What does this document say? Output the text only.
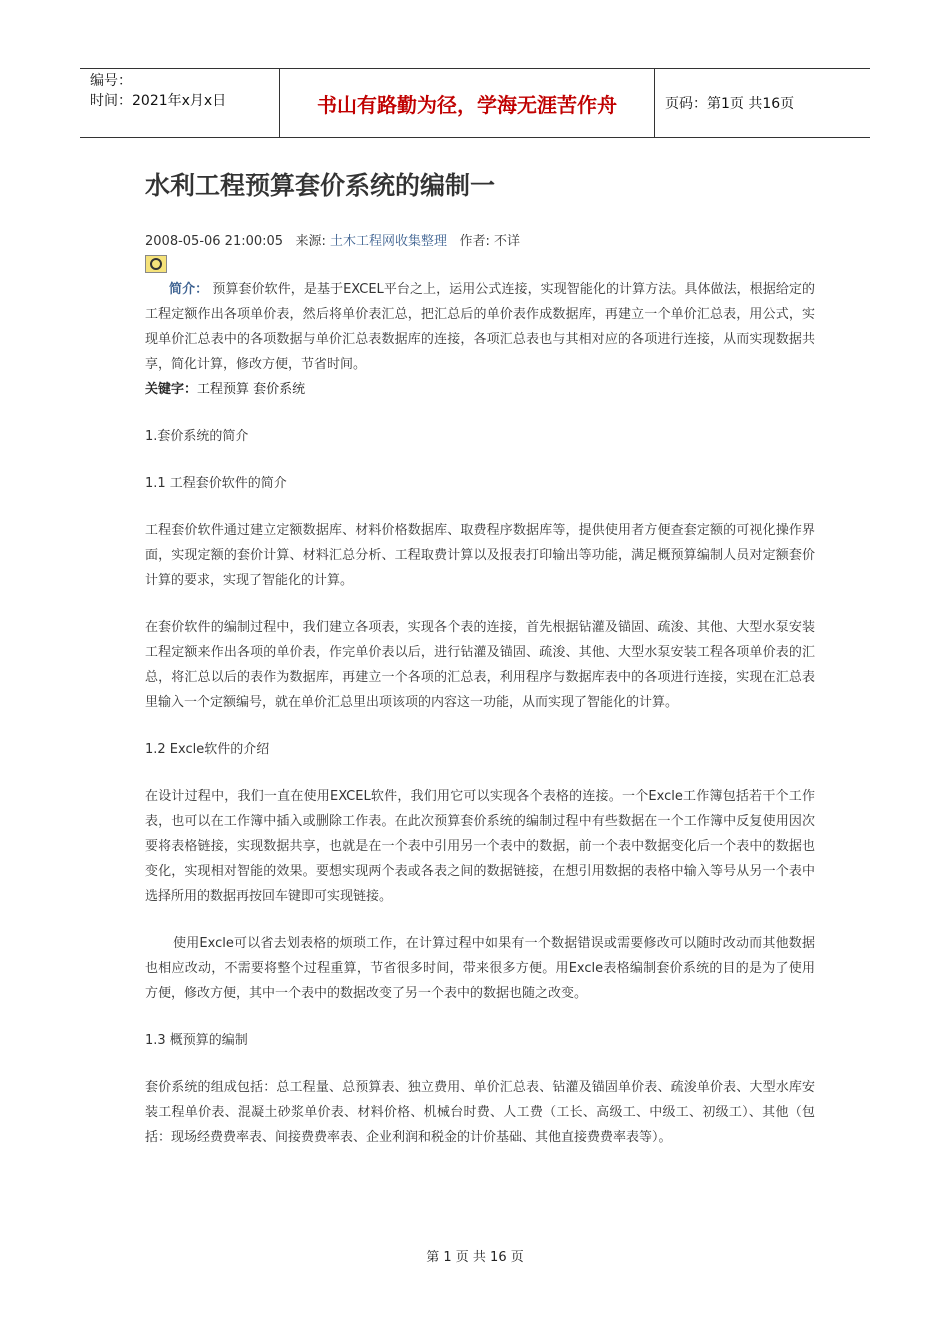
编号：
时间：2021年x月x日	书山有路勤为径，学海无涯苦作舟	页码：第1页 共16页
水利工程预算套价系统的编制一
2008-05-06 21:00:05 来源: 土木工程网收集整理 作者: 不详

简介： 预算套价软件，是基于EXCEL平台之上，运用公式连接，实现智能化的计算方法。具体做法，根据给定的工程定额作出各项单价表，然后将单价表汇总，把汇总后的单价表作成数据库，再建立一个单价汇总表，用公式，实现单价汇总表中的各项数据与单价汇总表数据库的连接，各项汇总表也与其相对应的各项进行连接，从而实现数据共享，简化计算，修改方便，节省时间。

关键字：工程预算 套价系统

1.套价系统的简介

1.1 工程套价软件的简介

工程套价软件通过建立定额数据库、材料价格数据库、取费程序数据库等，提供使用者方便查套定额的可视化操作界面，实现定额的套价计算、材料汇总分析、工程取费计算以及报表打印输出等功能，满足概预算编制人员对定额套价计算的要求，实现了智能化的计算。

在套价软件的编制过程中，我们建立各项表，实现各个表的连接，首先根据钻灌及锚固、疏浚、其他、大型水泵安装工程定额来作出各项的单价表，作完单价表以后，进行钻灌及锚固、疏浚、其他、大型水泵安装工程各项单价表的汇总，将汇总以后的表作为数据库，再建立一个各项的汇总表，利用程序与数据库表中的各项进行连接，实现在汇总表里输入一个定额编号，就在单价汇总里出项该项的内容这一功能，从而实现了智能化的计算。

1.2 Excle软件的介绍

在设计过程中，我们一直在使用EXCEL软件，我们用它可以实现各个表格的连接。一个Excle工作簿包括若干个工作表，也可以在工作簿中插入或删除工作表。在此次预算套价系统的编制过程中有些数据在一个工作簿中反复使用因次要将表格链接，实现数据共享，也就是在一个表中引用另一个表中的数据，前一个表中数据变化后一个表中的数据也变化，实现相对智能的效果。要想实现两个表或各表之间的数据链接，在想引用数据的表格中输入等号从另一个表中选择所用的数据再按回车键即可实现链接。

使用Excle可以省去划表格的烦琐工作，在计算过程中如果有一个数据错误或需要修改可以随时改动而其他数据也相应改动，不需要将整个过程重算，节省很多时间，带来很多方便。用Excle表格编制套价系统的目的是为了使用方便，修改方便，其中一个表中的数据改变了另一个表中的数据也随之改变。

1.3 概预算的编制

套价系统的组成包括：总工程量、总预算表、独立费用、单价汇总表、钻灌及锚固单价表、疏浚单价表、大型水库安装工程单价表、混凝土砂浆单价表、材料价格、机械台时费、人工费（工长、高级工、中级工、初级工）、其他（包括：现场经费费率表、间接费费率表、企业利润和税金的计价基础、其他直接费费率表等）。

第 1 页 共 16 页
